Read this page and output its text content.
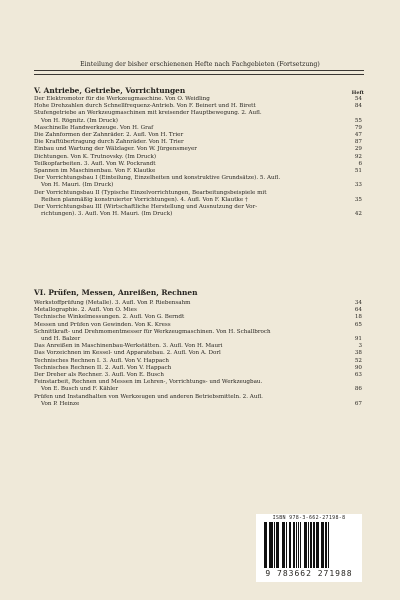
Einteilung der bisher erschienenen Hefte nach Fachgebieten (Fortsetzung)
V. Antriebe, Getriebe, Vorrichtungen	Heft
Der Elektromotor für die Werkzeugmaschine. Von O. Weidling	54
Hohe Drehzahlen durch Schnellfrequenz-Antrieb. Von F. Beinert und H. Birett	84
Stufengetriebe an Werkzeugmaschinen mit kreisender Hauptbewegung. 2. Aufl.
Von H. Rögnitz. (Im Druck)	55
Maschinelle Handwerkzeuge. Von H. Graf	79
Die Zahnformen der Zahnräder. 2. Aufl. Von H. Trier	47
Die Kraftübertragung durch Zahnräder. Von H. Trier	87
Einbau und Wartung der Wälzlager. Von W. Jürgensmeyer	29
Dichtungen. Von K. Trutnovsky. (Im Druck)	92
Teilkopfarbeiten. 3. Aufl. Von W. Pockrandt	6
Spannen im Maschinenbau. Von F. Klautke	51
Der Vorrichtungsbau I (Einteilung, Einzelheiten und konstruktive Grundsätze). 5. Aufl.
Von H. Mauri. (Im Druck)	33
Der Vorrichtungsbau II (Typische Einzelvorrichtungen, Bearbeitungsbeispiele mit
Reihen planmäßig konstruierter Vorrichtungen). 4. Aufl. Von F. Klautke †	35
Der Vorrichtungsbau III (Wirtschaftliche Herstellung und Ausnutzung der Vor-
richtungen). 3. Aufl. Von H. Mauri. (Im Druck)	42
VI. Prüfen, Messen, Anreißen, Rechnen
Werkstoffprüfung (Metalle). 3. Aufl. Von P. Riebensahm	34
Metallographie. 2. Aufl. Von O. Mies	64
Technische Winkelmessungen. 2. Aufl. Von G. Berndt	18
Messen und Prüfen von Gewinden. Von K. Kress	65
Schnittkraft- und Drehmomentmesser für Werkzeugmaschinen. Von H. Schallbroch
und H. Balzer	91
Das Anreißen in Maschinenbau-Werkstätten. 3. Aufl. Von H. Mauri	3
Das Vorzeichnen im Kessel- und Apparatebau. 2. Aufl. Von A. Dorl	38
Technisches Rechnen I. 3. Aufl. Von V. Happach	52
Technisches Rechnen II. 2. Aufl. Von V. Happach	90
Der Dreher als Rechner. 3. Aufl. Von E. Busch	63
Feinstarbeit, Rechnen und Messen im Lehren-, Vorrichtungs- und Werkzeugbau.
Von E. Busch und F. Kähler	86
Prüfen und Instandhalten von Werkzeugen und anderen Betriebsmitteln. 2. Aufl.
Von P. Heinze	67
ISBN 978-3-662-27198-8
9 783662 271988
